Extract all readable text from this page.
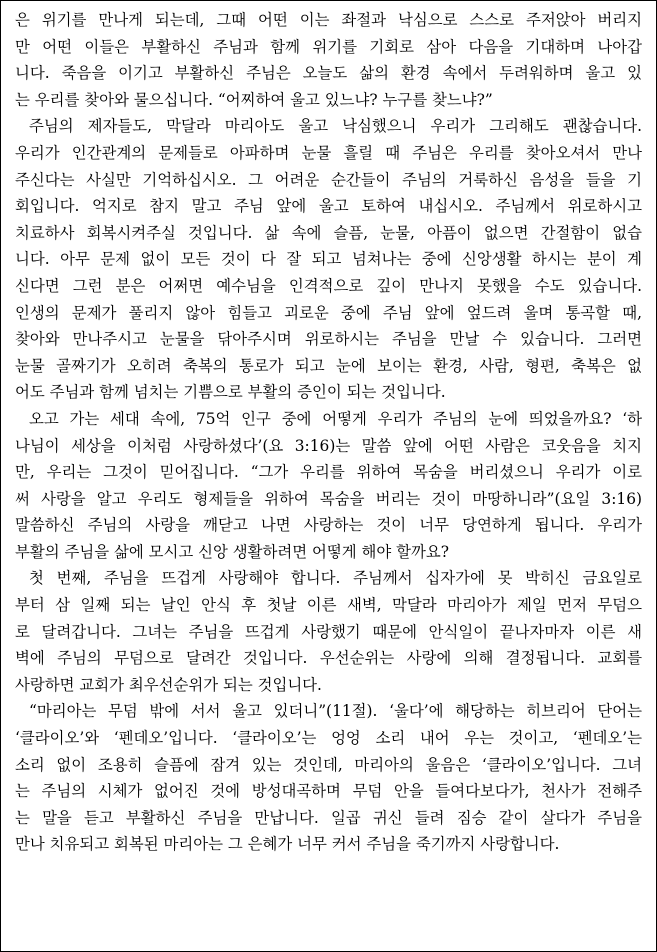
은 위기를 만나게 되는데, 그때 어떤 이는 좌절과 낙심으로 스스로 주저앉아 버리지
만 어떤 이들은 부활하신 주님과 함께 위기를 기회로 삼아 다음을 기대하며 나아갑
니다. 죽음을 이기고 부활하신 주님은 오늘도 삶의 환경 속에서 두려워하며 울고 있
는 우리를 찾아와 물으십니다. “어찌하여 울고 있느냐? 누구를 찾느냐?”
주님의 제자들도, 막달라 마리아도 울고 낙심했으니 우리가 그리해도 괜찮습니다.
우리가 인간관계의 문제들로 아파하며 눈물 흘릴 때 주님은 우리를 찾아오셔서 만나
주신다는 사실만 기억하십시오. 그 어려운 순간들이 주님의 거룩하신 음성을 들을 기
회입니다. 억지로 참지 말고 주님 앞에 울고 토하여 내십시오. 주님께서 위로하시고
치료하사 회복시켜주실 것입니다. 삶 속에 슬픔, 눈물, 아픔이 없으면 간절함이 없습
니다. 아무 문제 없이 모든 것이 다 잘 되고 넘쳐나는 중에 신앙생활 하시는 분이 계
신다면 그런 분은 어쩌면 예수님을 인격적으로 깊이 만나지 못했을 수도 있습니다.
인생의 문제가 풀리지 않아 힘들고 괴로운 중에 주님 앞에 엎드려 울며 통곡할 때,
찾아와 만나주시고 눈물을 닦아주시며 위로하시는 주님을 만날 수 있습니다. 그러면
눈물 골짜기가 오히려 축복의 통로가 되고 눈에 보이는 환경, 사람, 형편, 축복은 없
어도 주님과 함께 넘치는 기쁨으로 부활의 증인이 되는 것입니다.
오고 가는 세대 속에, 75억 인구 중에 어떻게 우리가 주님의 눈에 띄었을까요? ‘하
나님이 세상을 이처럼 사랑하셨다’(요 3:16)는 말씀 앞에 어떤 사람은 코웃음을 치지
만, 우리는 그것이 믿어집니다. “그가 우리를 위하여 목숨을 버리셨으니 우리가 이로
써 사랑을 알고 우리도 형제들을 위하여 목숨을 버리는 것이 마땅하니라”(요일 3:16)
말씀하신 주님의 사랑을 깨닫고 나면 사랑하는 것이 너무 당연하게 됩니다. 우리가
부활의 주님을 삶에 모시고 신앙 생활하려면 어떻게 해야 할까요?
첫 번째, 주님을 뜨겁게 사랑해야 합니다. 주님께서 십자가에 못 박히신 금요일로
부터 삼 일째 되는 날인 안식 후 첫날 이른 새벽, 막달라 마리아가 제일 먼저 무덤으
로 달려갑니다. 그녀는 주님을 뜨겁게 사랑했기 때문에 안식일이 끝나자마자 이른 새
벽에 주님의 무덤으로 달려간 것입니다. 우선순위는 사랑에 의해 결정됩니다. 교회를
사랑하면 교회가 최우선순위가 되는 것입니다.
“마리아는 무덤 밖에 서서 울고 있더니”(11절). ‘울다’에 해당하는 히브리어 단어는
‘클라이오’와 ‘펜데오’입니다. ‘클라이오’는 엉엉 소리 내어 우는 것이고, ‘펜데오’는
소리 없이 조용히 슬픔에 잠겨 있는 것인데, 마리아의 울음은 ‘클라이오’입니다. 그녀
는 주님의 시체가 없어진 것에 방성대곡하며 무덤 안을 들여다보다가, 천사가 전해주
는 말을 듣고 부활하신 주님을 만납니다. 일곱 귀신 들려 짐승 같이 살다가 주님을
만나 치유되고 회복된 마리아는 그 은혜가 너무 커서 주님을 죽기까지 사랑합니다.
